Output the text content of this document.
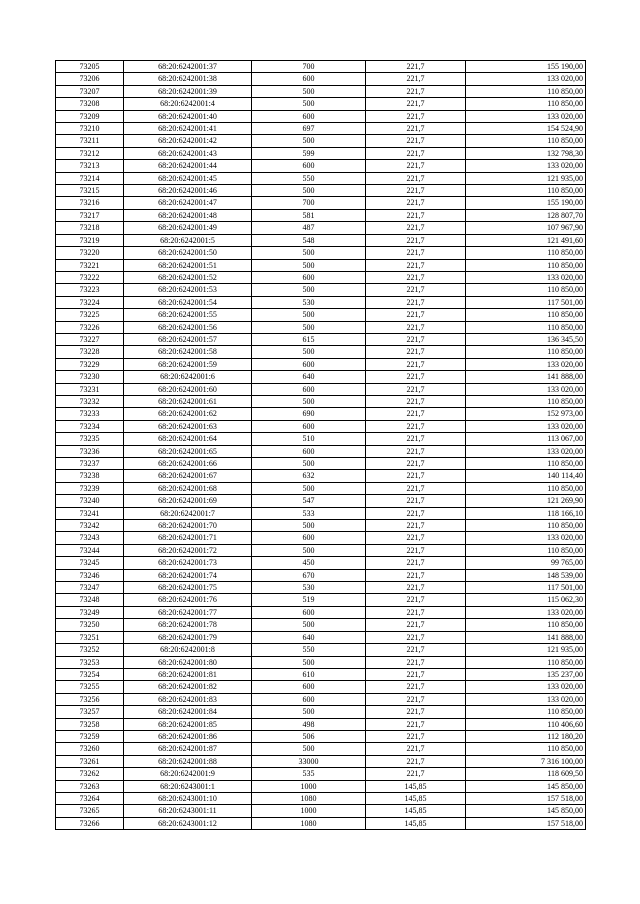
73205	68:20:6242001:37	700	221,7	155 190,00
73206	68:20:6242001:38	600	221,7	133 020,00
73207	68:20:6242001:39	500	221,7	110 850,00
73208	68:20:6242001:4	500	221,7	110 850,00
73209	68:20:6242001:40	600	221,7	133 020,00
73210	68:20:6242001:41	697	221,7	154 524,90
73211	68:20:6242001:42	500	221,7	110 850,00
73212	68:20:6242001:43	599	221,7	132 798,30
73213	68:20:6242001:44	600	221,7	133 020,00
73214	68:20:6242001:45	550	221,7	121 935,00
73215	68:20:6242001:46	500	221,7	110 850,00
73216	68:20:6242001:47	700	221,7	155 190,00
73217	68:20:6242001:48	581	221,7	128 807,70
73218	68:20:6242001:49	487	221,7	107 967,90
73219	68:20:6242001:5	548	221,7	121 491,60
73220	68:20:6242001:50	500	221,7	110 850,00
73221	68:20:6242001:51	500	221,7	110 850,00
73222	68:20:6242001:52	600	221,7	133 020,00
73223	68:20:6242001:53	500	221,7	110 850,00
73224	68:20:6242001:54	530	221,7	117 501,00
73225	68:20:6242001:55	500	221,7	110 850,00
73226	68:20:6242001:56	500	221,7	110 850,00
73227	68:20:6242001:57	615	221,7	136 345,50
73228	68:20:6242001:58	500	221,7	110 850,00
73229	68:20:6242001:59	600	221,7	133 020,00
73230	68:20:6242001:6	640	221,7	141 888,00
73231	68:20:6242001:60	600	221,7	133 020,00
73232	68:20:6242001:61	500	221,7	110 850,00
73233	68:20:6242001:62	690	221,7	152 973,00
73234	68:20:6242001:63	600	221,7	133 020,00
73235	68:20:6242001:64	510	221,7	113 067,00
73236	68:20:6242001:65	600	221,7	133 020,00
73237	68:20:6242001:66	500	221,7	110 850,00
73238	68:20:6242001:67	632	221,7	140 114,40
73239	68:20:6242001:68	500	221,7	110 850,00
73240	68:20:6242001:69	547	221,7	121 269,90
73241	68:20:6242001:7	533	221,7	118 166,10
73242	68:20:6242001:70	500	221,7	110 850,00
73243	68:20:6242001:71	600	221,7	133 020,00
73244	68:20:6242001:72	500	221,7	110 850,00
73245	68:20:6242001:73	450	221,7	99 765,00
73246	68:20:6242001:74	670	221,7	148 539,00
73247	68:20:6242001:75	530	221,7	117 501,00
73248	68:20:6242001:76	519	221,7	115 062,30
73249	68:20:6242001:77	600	221,7	133 020,00
73250	68:20:6242001:78	500	221,7	110 850,00
73251	68:20:6242001:79	640	221,7	141 888,00
73252	68:20:6242001:8	550	221,7	121 935,00
73253	68:20:6242001:80	500	221,7	110 850,00
73254	68:20:6242001:81	610	221,7	135 237,00
73255	68:20:6242001:82	600	221,7	133 020,00
73256	68:20:6242001:83	600	221,7	133 020,00
73257	68:20:6242001:84	500	221,7	110 850,00
73258	68:20:6242001:85	498	221,7	110 406,60
73259	68:20:6242001:86	506	221,7	112 180,20
73260	68:20:6242001:87	500	221,7	110 850,00
73261	68:20:6242001:88	33000	221,7	7 316 100,00
73262	68:20:6242001:9	535	221,7	118 609,50
73263	68:20:6243001:1	1000	145,85	145 850,00
73264	68:20:6243001:10	1080	145,85	157 518,00
73265	68:20:6243001:11	1000	145,85	145 850,00
73266	68:20:6243001:12	1080	145,85	157 518,00
